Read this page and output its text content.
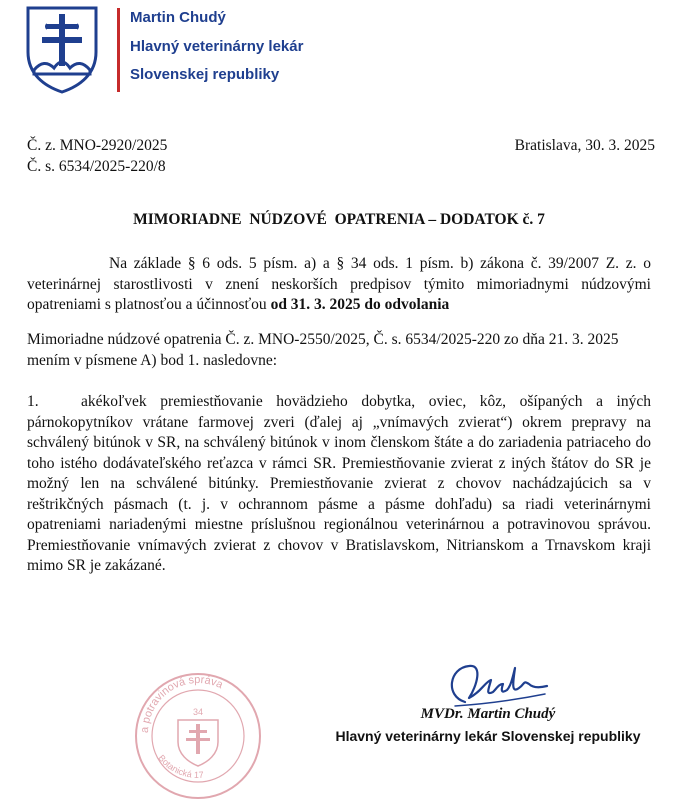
Martin Chudý
Hlavný veterinárny lekár
Slovenskej republiky
Č. z. MNO-2920/2025
Č. s. 6534/2025-220/8
Bratislava, 30. 3. 2025
MIMORIADNE  NÚDZOVÉ  OPATRENIA – DODATOK č. 7
Na základe § 6 ods. 5 písm. a) a § 34 ods. 1 písm. b) zákona č. 39/2007 Z. z. o veterinárnej starostlivosti v znení neskorších predpisov týmito mimoriadnymi núdzovými opatreniami s platnosťou a účinnosťou od 31. 3. 2025 do odvolania
Mimoriadne núdzové opatrenia Č. z. MNO-2550/2025, Č. s. 6534/2025-220 zo dňa 21. 3. 2025 mením v písmene A) bod 1. nasledovne:
1.	akékoľvek premiestňovanie hovädzieho dobytka, oviec, kôz, ošípaných a iných párnokopytníkov vrátane farmovej zveri (ďalej aj „vnímavých zvierat“) okrem prepravy na schválený bitúnok v SR, na schválený bitúnok v inom členskom štáte a do zariadenia patriaceho do toho istého dodávateľského reťazca v rámci SR. Premiestňovanie zvierat z iných štátov do SR je možný len na schválené bitúnky. Premiestňovanie zvierat z chovov nachádzajúcich sa v reštrikčných pásmach (t. j. v ochrannom pásme a pásme dohľadu) sa riadi veterinárnymi opatreniami nariadenými miestne príslušnou regionálnou veterinárnou a potravinovou správou. Premiestňovanie vnímavých zvierat z chovov v Bratislavskom, Nitrianskom a Trnavskom kraji mimo SR je zakázané.

a potravinová správa
34
Botanická 17
MVDr. Martin Chudý
Hlavný veterinárny lekár Slovenskej republiky
